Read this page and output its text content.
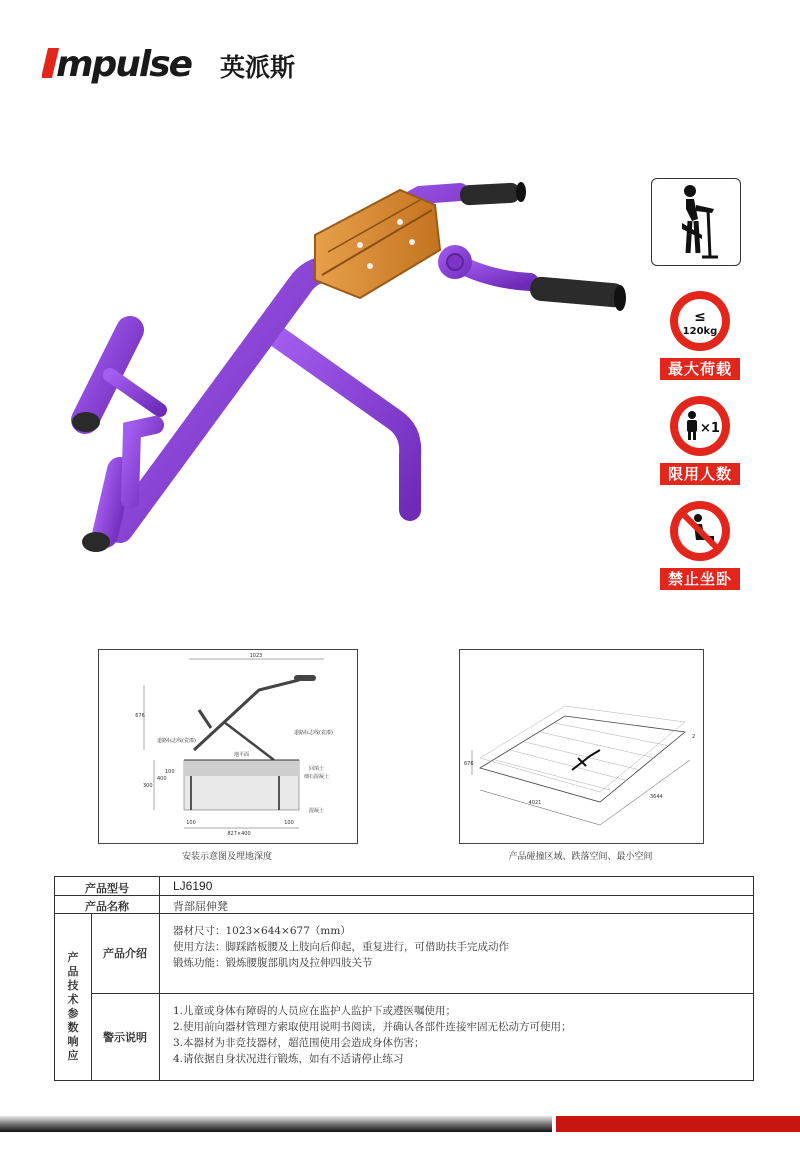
mpulse 英派斯
≤
120kg
最大荷载
×1
限用人数
禁止坐卧
1023
676
300
400
100
100
827×400
100
地平面
细石混凝土
道路标志线(瓷漆)
道路标志线(瓷漆)
回填土
混凝土
安装示意图及埋地深度
4021
3644
676
2
产品碰撞区域、跌落空间、最小空间
产品型号	LJ6190
产品名称	背部屈伸凳
产品技术参数响应
产品介绍
器材尺寸：1023×644×677（mm）
使用方法：脚踩踏板腰及上肢向后仰起，重复进行，可借助扶手完成动作
锻炼功能：锻炼腰腹部肌肉及拉伸四肢关节
警示说明
1.儿童或身体有障碍的人员应在监护人监护下或遵医嘱使用；
2.使用前向器材管理方索取使用说明书阅读，并确认各部件连接牢固无松动方可使用；
3.本器材为非竞技器材，超范围使用会造成身体伤害；
4.请依据自身状况进行锻炼，如有不适请停止练习
